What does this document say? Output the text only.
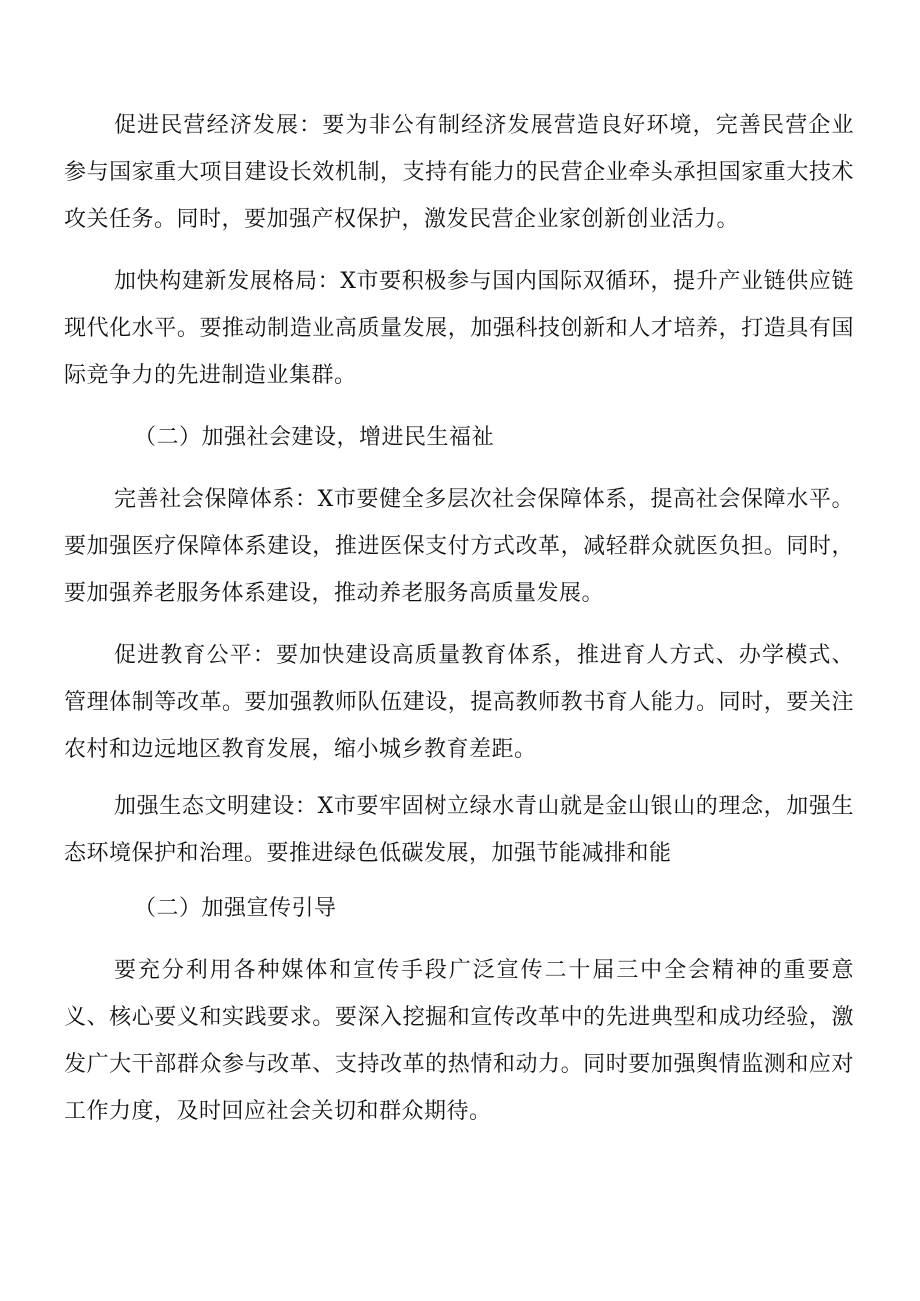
促进民营经济发展：要为非公有制经济发展营造良好环境，完善民营企业参与国家重大项目建设长效机制，支持有能力的民营企业牵头承担国家重大技术攻关任务。同时，要加强产权保护，激发民营企业家创新创业活力。

加快构建新发展格局：X市要积极参与国内国际双循环，提升产业链供应链现代化水平。要推动制造业高质量发展，加强科技创新和人才培养，打造具有国际竞争力的先进制造业集群。

（二）加强社会建设，增进民生福祉

完善社会保障体系：X市要健全多层次社会保障体系，提高社会保障水平。要加强医疗保障体系建设，推进医保支付方式改革，减轻群众就医负担。同时，要加强养老服务体系建设，推动养老服务高质量发展。

促进教育公平：要加快建设高质量教育体系，推进育人方式、办学模式、管理体制等改革。要加强教师队伍建设，提高教师教书育人能力。同时，要关注农村和边远地区教育发展，缩小城乡教育差距。

加强生态文明建设：X市要牢固树立绿水青山就是金山银山的理念，加强生态环境保护和治理。要推进绿色低碳发展，加强节能减排和能

（二）加强宣传引导

要充分利用各种媒体和宣传手段广泛宣传二十届三中全会精神的重要意义、核心要义和实践要求。要深入挖掘和宣传改革中的先进典型和成功经验，激发广大干部群众参与改革、支持改革的热情和动力。同时要加强舆情监测和应对工作力度，及时回应社会关切和群众期待。
